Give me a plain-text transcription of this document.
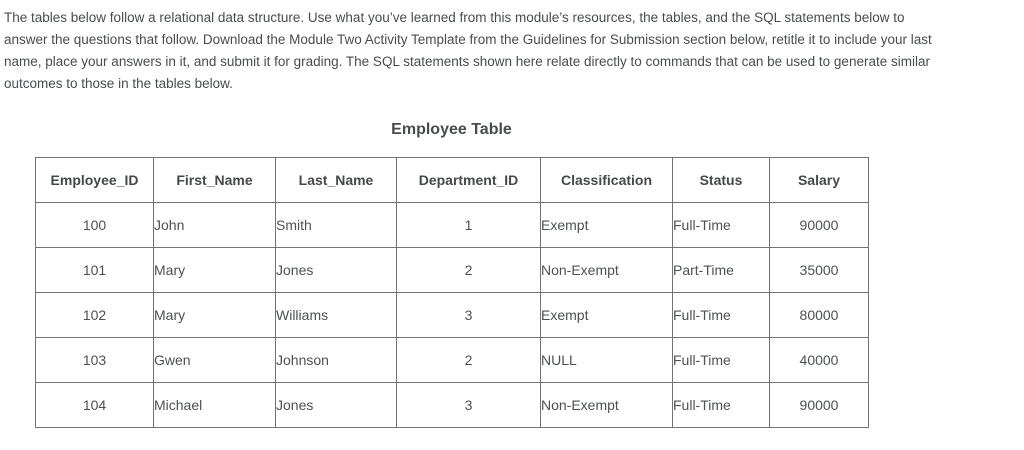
The tables below follow a relational data structure. Use what you’ve learned from this module’s resources, the tables, and the SQL statements below to answer the questions that follow. Download the Module Two Activity Template from the Guidelines for Submission section below, retitle it to include your last name, place your answers in it, and submit it for grading. The SQL statements shown here relate directly to commands that can be used to generate similar outcomes to those in the tables below.

Employee Table
Employee_ID	First_Name	Last_Name	Department_ID	Classification	Status	Salary
100	John	Smith	1	Exempt	Full-Time	90000
101	Mary	Jones	2	Non-Exempt	Part-Time	35000
102	Mary	Williams	3	Exempt	Full-Time	80000
103	Gwen	Johnson	2	NULL	Full-Time	40000
104	Michael	Jones	3	Non-Exempt	Full-Time	90000
